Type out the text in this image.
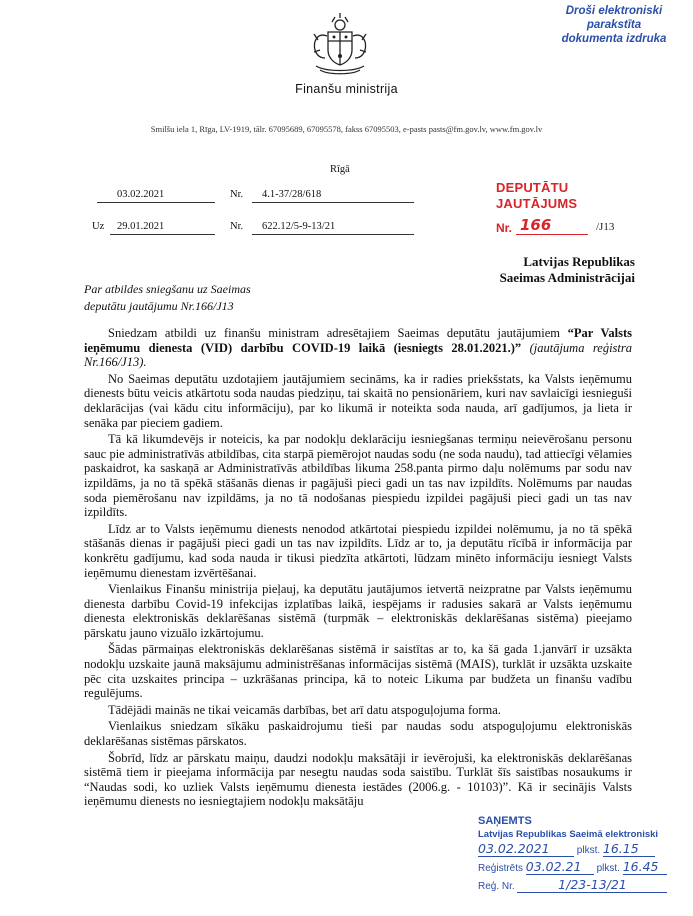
Droši elektroniski parakstīta
dokumenta izdruka
Finanšu ministrija
Smilšu iela 1, Rīga, LV-1919, tālr. 67095689, 67095578, fakss 67095503, e-pasts pasts@fm.gov.lv, www.fm.gov.lv
Rīgā
03.02.2021	Nr. 4.1-37/28/618
Uz 29.01.2021	Nr. 622.12/5-9-13/21
DEPUTĀTU JAUTĀJUMS
Nr. 166	/J13
Latvijas Republikas
Saeimas Administrācijai
Par atbildes sniegšanu uz Saeimas
deputātu jautājumu Nr.166/J13

Sniedzam atbildi uz finanšu ministram adresētajiem Saeimas deputātu jautājumiem “Par Valsts ieņēmumu dienesta (VID) darbību COVID-19 laikā (iesniegts 28.01.2021.)” (jautājuma reģistra Nr.166/J13).

No Saeimas deputātu uzdotajiem jautājumiem secināms, ka ir radies priekšstats, ka Valsts ieņēmumu dienests būtu veicis atkārtotu soda naudas piedziņu, tai skaitā no pensionāriem, kuri nav savlaicīgi iesnieguši deklarācijas (vai kādu citu informāciju), par ko likumā ir noteikta soda nauda, arī gadījumos, ja lieta ir senāka par pieciem gadiem.

Tā kā likumdevējs ir noteicis, ka par nodokļu deklarāciju iesniegšanas termiņu neievērošanu personu sauc pie administratīvās atbildības, cita starpā piemērojot naudas sodu (ne soda naudu), tad attiecīgi vēlamies paskaidrot, ka saskaņā ar Administratīvās atbildības likuma 258.panta pirmo daļu nolēmums par sodu nav izpildāms, ja no tā spēkā stāšanās dienas ir pagājuši pieci gadi un tas nav izpildīts. Nolēmums par naudas soda piemērošanu nav izpildāms, ja no tā nodošanas piespiedu izpildei pagājuši pieci gadi un tas nav izpildīts.

Līdz ar to Valsts ieņēmumu dienests nenodod atkārtotai piespiedu izpildei nolēmumu, ja no tā spēkā stāšanās dienas ir pagājuši pieci gadi un tas nav izpildīts. Līdz ar to, ja deputātu rīcībā ir informācija par konkrētu gadījumu, kad soda nauda ir tikusi piedzīta atkārtoti, lūdzam minēto informāciju iesniegt Valsts ieņēmumu dienestam izvērtēšanai.

Vienlaikus Finanšu ministrija pieļauj, ka deputātu jautājumos ietvertā neizpratne par Valsts ieņēmumu dienesta darbību Covid-19 infekcijas izplatības laikā, iespējams ir radusies sakarā ar Valsts ieņēmumu dienesta elektroniskās deklarēšanas sistēmā (turpmāk – elektroniskās deklarēšanas sistēma) pieejamo pārskatu jauno vizuālo izkārtojumu.

Šādas pārmaiņas elektroniskās deklarēšanas sistēmā ir saistītas ar to, ka šā gada 1.janvārī ir uzsākta nodokļu uzskaite jaunā maksājumu administrēšanas informācijas sistēmā (MAIS), turklāt ir uzsākta uzskaite pēc cita uzskaites principa – uzkrāšanas principa, kā to noteic Likuma par budžeta un finanšu vadību regulējums.

Tādējādi mainās ne tikai veicamās darbības, bet arī datu atspoguļojuma forma.

Vienlaikus sniedzam sīkāku paskaidrojumu tieši par naudas sodu atspoguļojumu elektroniskās deklarēšanas sistēmas pārskatos.

Šobrīd, līdz ar pārskatu maiņu, daudzi nodokļu maksātāji ir ievērojuši, ka elektroniskās deklarēšanas sistēmā tiem ir pieejama informācija par nesegtu naudas soda saistību. Turklāt šīs saistības nosaukums ir “Naudas sodi, ko uzliek Valsts ieņēmumu dienesta iestādes (2006.g. - 10103)”. Kā ir secinājis Valsts ieņēmumu dienests no iesniegtajiem nodokļu maksātāju

SAŅEMTS
Latvijas Republikas Saeimā elektroniski
03.02.2021	plkst. 16.15
Reģistrēts 03.02.21 plkst. 16.45
Reģ. Nr.	1/23-13/21
